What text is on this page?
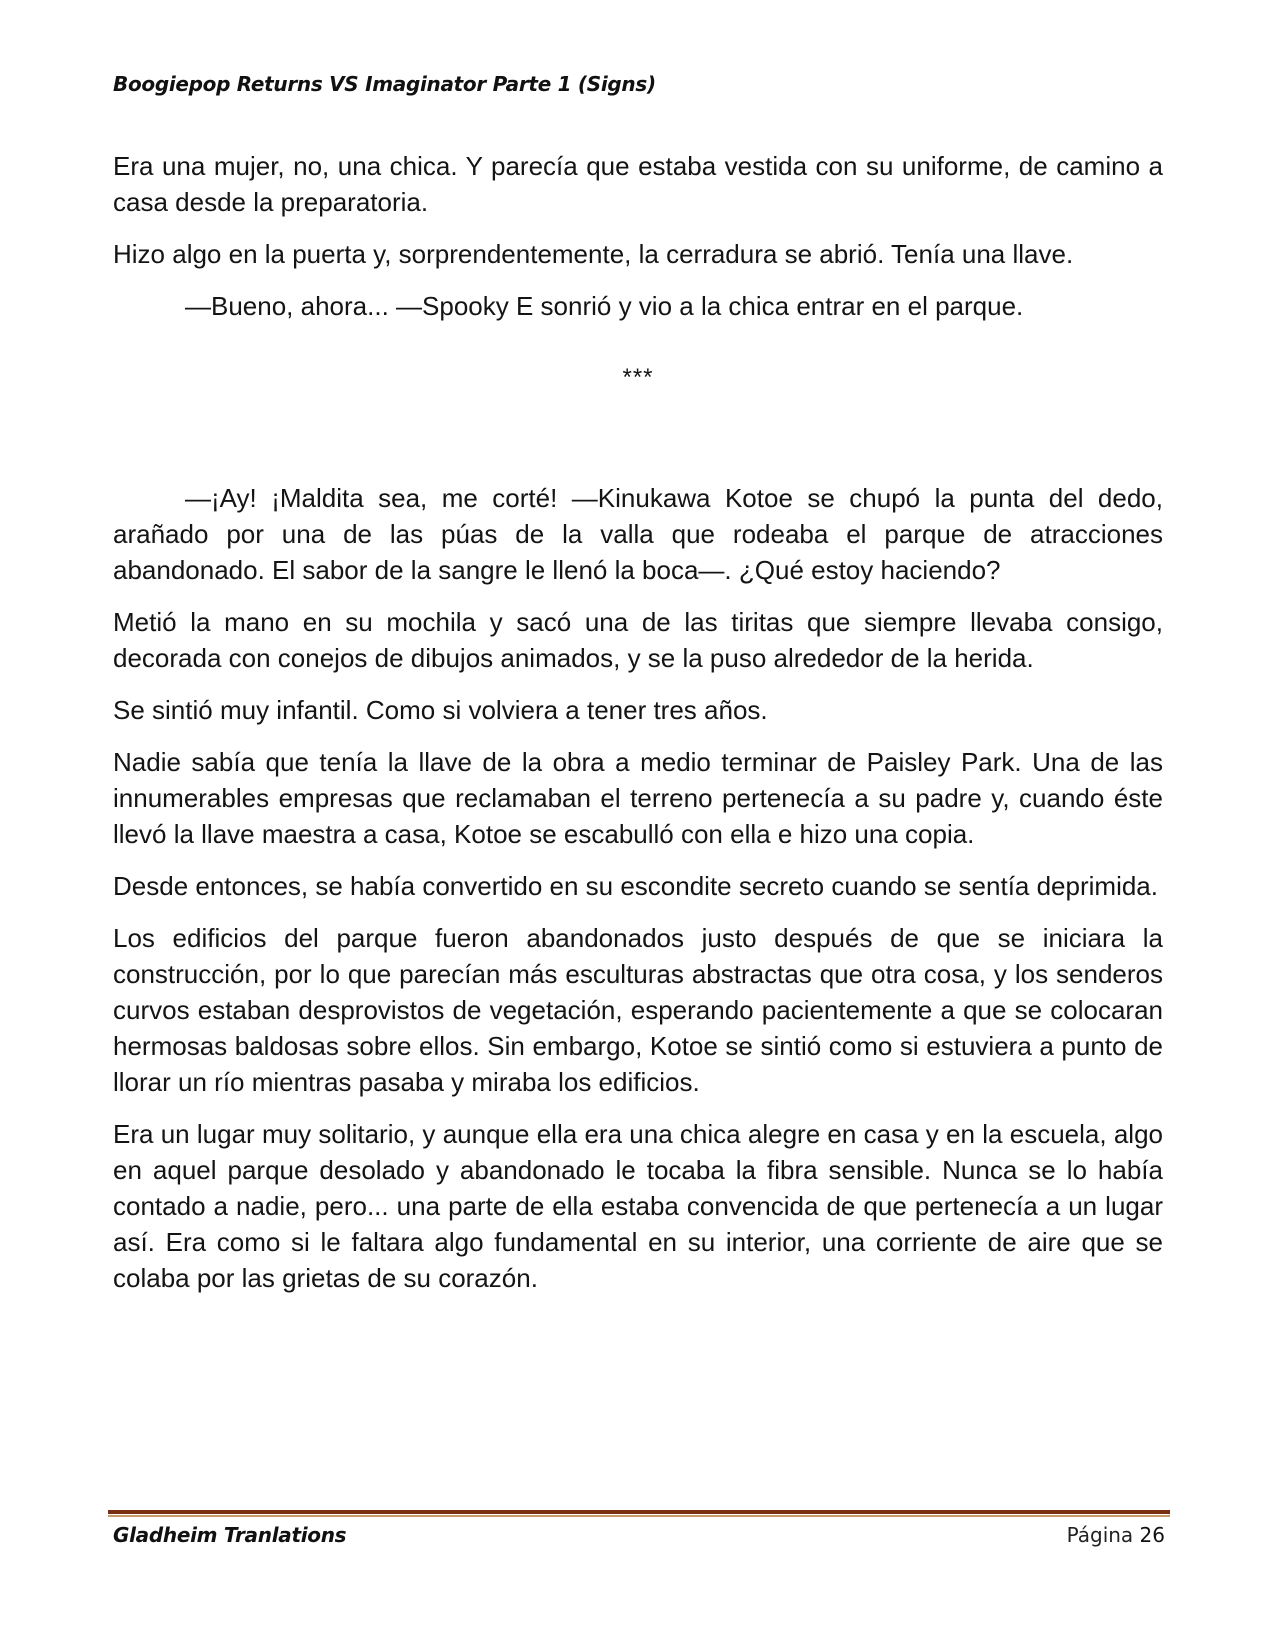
Boogiepop Returns VS Imaginator Parte 1 (Signs)

Era una mujer, no, una chica. Y parecía que estaba vestida con su uniforme, de camino a casa desde la preparatoria.

Hizo algo en la puerta y, sorprendentemente, la cerradura se abrió. Tenía una llave.

—Bueno, ahora... —Spooky E sonrió y vio a la chica entrar en el parque.

***

—¡Ay! ¡Maldita sea, me corté! —Kinukawa Kotoe se chupó la punta del dedo, arañado por una de las púas de la valla que rodeaba el parque de atracciones abandonado. El sabor de la sangre le llenó la boca—. ¿Qué estoy haciendo?

Metió la mano en su mochila y sacó una de las tiritas que siempre llevaba consigo, decorada con conejos de dibujos animados, y se la puso alrededor de la herida.

Se sintió muy infantil. Como si volviera a tener tres años.

Nadie sabía que tenía la llave de la obra a medio terminar de Paisley Park. Una de las innumerables empresas que reclamaban el terreno pertenecía a su padre y, cuando éste llevó la llave maestra a casa, Kotoe se escabulló con ella e hizo una copia.

Desde entonces, se había convertido en su escondite secreto cuando se sentía deprimida.

Los edificios del parque fueron abandonados justo después de que se iniciara la construcción, por lo que parecían más esculturas abstractas que otra cosa, y los senderos curvos estaban desprovistos de vegetación, esperando pacientemente a que se colocaran hermosas baldosas sobre ellos. Sin embargo, Kotoe se sintió como si estuviera a punto de llorar un río mientras pasaba y miraba los edificios.

Era un lugar muy solitario, y aunque ella era una chica alegre en casa y en la escuela, algo en aquel parque desolado y abandonado le tocaba la fibra sensible. Nunca se lo había contado a nadie, pero... una parte de ella estaba convencida de que pertenecía a un lugar así. Era como si le faltara algo fundamental en su interior, una corriente de aire que se colaba por las grietas de su corazón.

Gladheim Tranlations	Página 26
